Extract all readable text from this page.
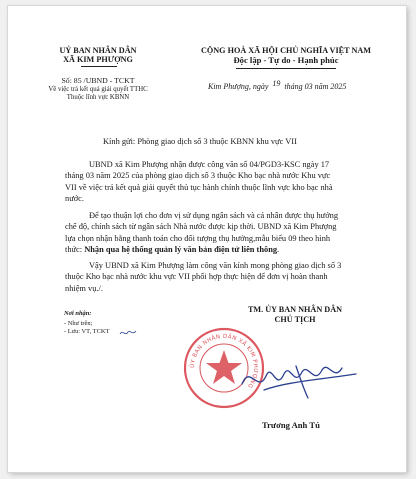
UỶ BAN NHÂN DÂN
XÃ KIM PHƯỢNG
CỘNG HOÀ XÃ HỘI CHỦ NGHĨA VIỆT NAM
Độc lập - Tự do - Hạnh phúc
Số: 85 /UBND - TCKT
Về việc trả kết quả giải quyết TTHC
Thuộc lĩnh vực KBNN
Kim Phượng, ngày 19 tháng 03 năm 2025
Kính gửi: Phòng giao dịch số 3 thuộc KBNN khu vực VII
UBND xã Kim Phượng nhận được công văn số 04/PGD3-KSC ngày 17
tháng 03 năm 2025 của phòng giao dịch số 3 thuộc Kho bạc nhà nước Khu vực
VII về việc trả kết quả giải quyết thủ tục hành chính thuộc lĩnh vực kho bạc nhà
nước.
Để tạo thuận lợi cho đơn vị sử dụng ngân sách và cá nhân được thụ hưởng
chế độ, chính sách từ ngân sách Nhà nước được kịp thời. UBND xã Kim Phượng
lựa chọn nhận bằng thanh toán cho đối tượng thụ hưởng,mẫu biểu 09 theo hình
thức: Nhận qua hệ thống quản lý văn bản điện tử liên thông.
Vậy UBND xã Kim Phượng làm công văn kính mong phòng giao dịch số 3
thuộc Kho bạc nhà nước khu vực VII phối hợp thực hiện để đơn vị hoàn thanh
nhiệm vụ./.
Nơi nhận:
- Như trên;
- Lưu: VT, TCKT
TM. ỦY BAN NHÂN DÂN
CHỦ TỊCH
ỦY BAN NHÂN DÂN XÃ KIM PHƯỢNG
Trương Anh Tú
